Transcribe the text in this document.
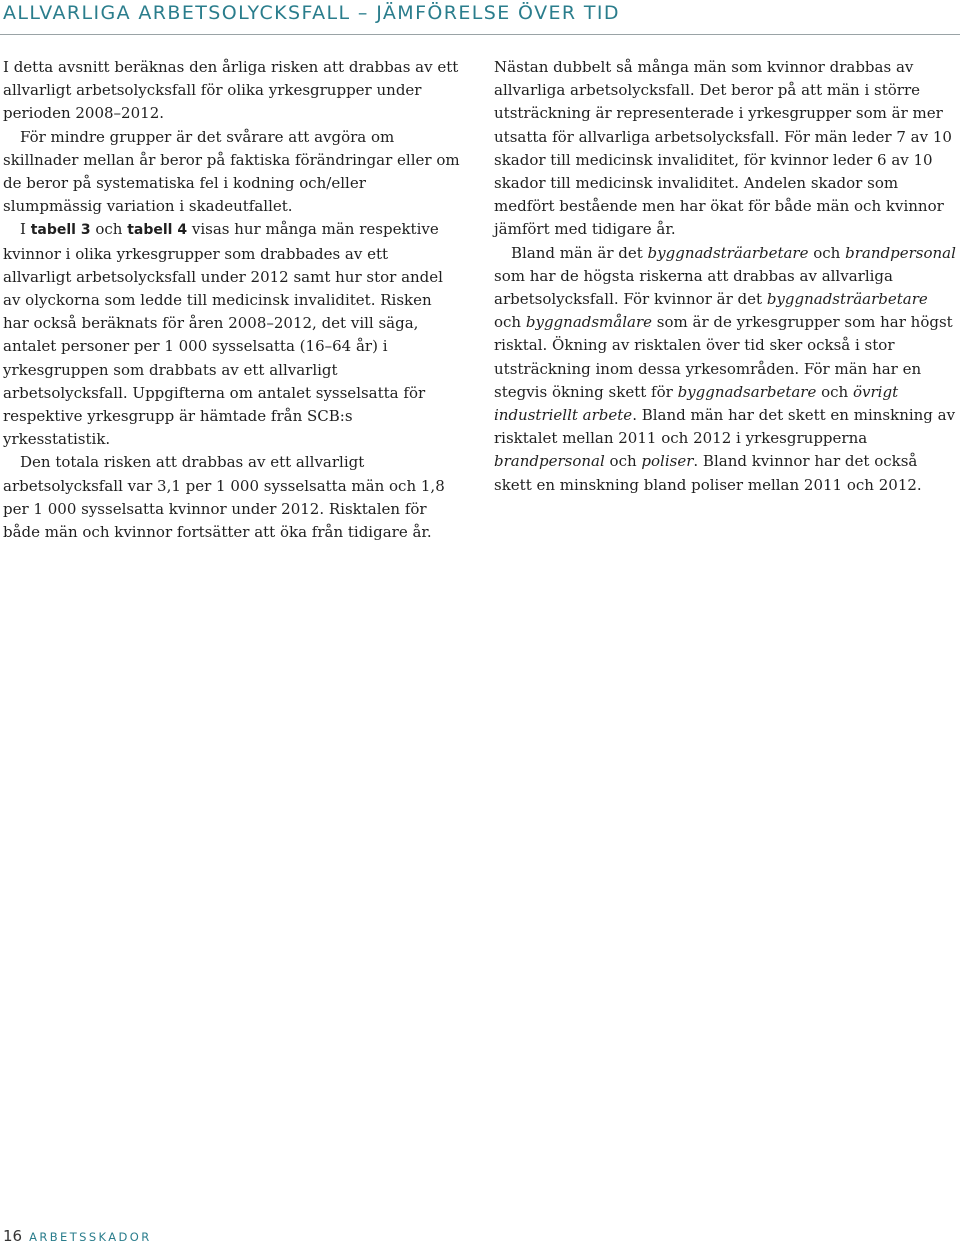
ALLVARLIGA ARBETSOLYCKSFALL – JÄMFÖRELSE ÖVER TID

I detta avsnitt beräknas den årliga risken att drabbas av ett allvarligt arbetsolycksfall för olika yrkesgrupper under perioden 2008–2012.

För mindre grupper är det svårare att avgöra om skillnader mellan år beror på faktiska förändringar eller om de beror på systematiska fel i kodning och/eller slumpmässig variation i skadeutfallet.

I tabell 3 och tabell 4 visas hur många män respektive kvinnor i olika yrkesgrupper som drabbades av ett allvarligt arbetsolycksfall under 2012 samt hur stor andel av olyckorna som ledde till medicinsk invaliditet. Risken har också beräknats för åren 2008–2012, det vill säga, antalet personer per 1 000 sysselsatta (16–64 år) i yrkesgruppen som drabbats av ett allvarligt arbetsolycksfall. Uppgifterna om antalet sysselsatta för respektive yrkesgrupp är hämtade från SCB:s yrkesstatistik.

Den totala risken att drabbas av ett allvarligt arbetsolycksfall var 3,1 per 1 000 sysselsatta män och 1,8 per 1 000 sysselsatta kvinnor under 2012. Risktalen för både män och kvinnor fortsätter att öka från tidigare år.

Nästan dubbelt så många män som kvinnor drabbas av allvarliga arbetsolycksfall. Det beror på att män i större utsträckning är representerade i yrkesgrupper som är mer utsatta för allvarliga arbetsolycksfall. För män leder 7 av 10 skador till medicinsk invaliditet, för kvinnor leder 6 av 10 skador till medicinsk invaliditet. Andelen skador som medfört bestående men har ökat för både män och kvinnor jämfört med tidigare år.

Bland män är det byggnadsträarbetare och brandpersonal som har de högsta riskerna att drabbas av allvarliga arbetsolycksfall. För kvinnor är det byggnadsträarbetare och byggnadsmålare som är de yrkesgrupper som har högst risktal. Ökning av risktalen över tid sker också i stor utsträckning inom dessa yrkesområden. För män har en stegvis ökning skett för byggnadsarbetare och övrigt industriellt arbete. Bland män har det skett en minskning av risktalet mellan 2011 och 2012 i yrkesgrupperna brandpersonal och poliser. Bland kvinnor har det också skett en minskning bland poliser mellan 2011 och 2012.

16 ARBETSSKADOR
